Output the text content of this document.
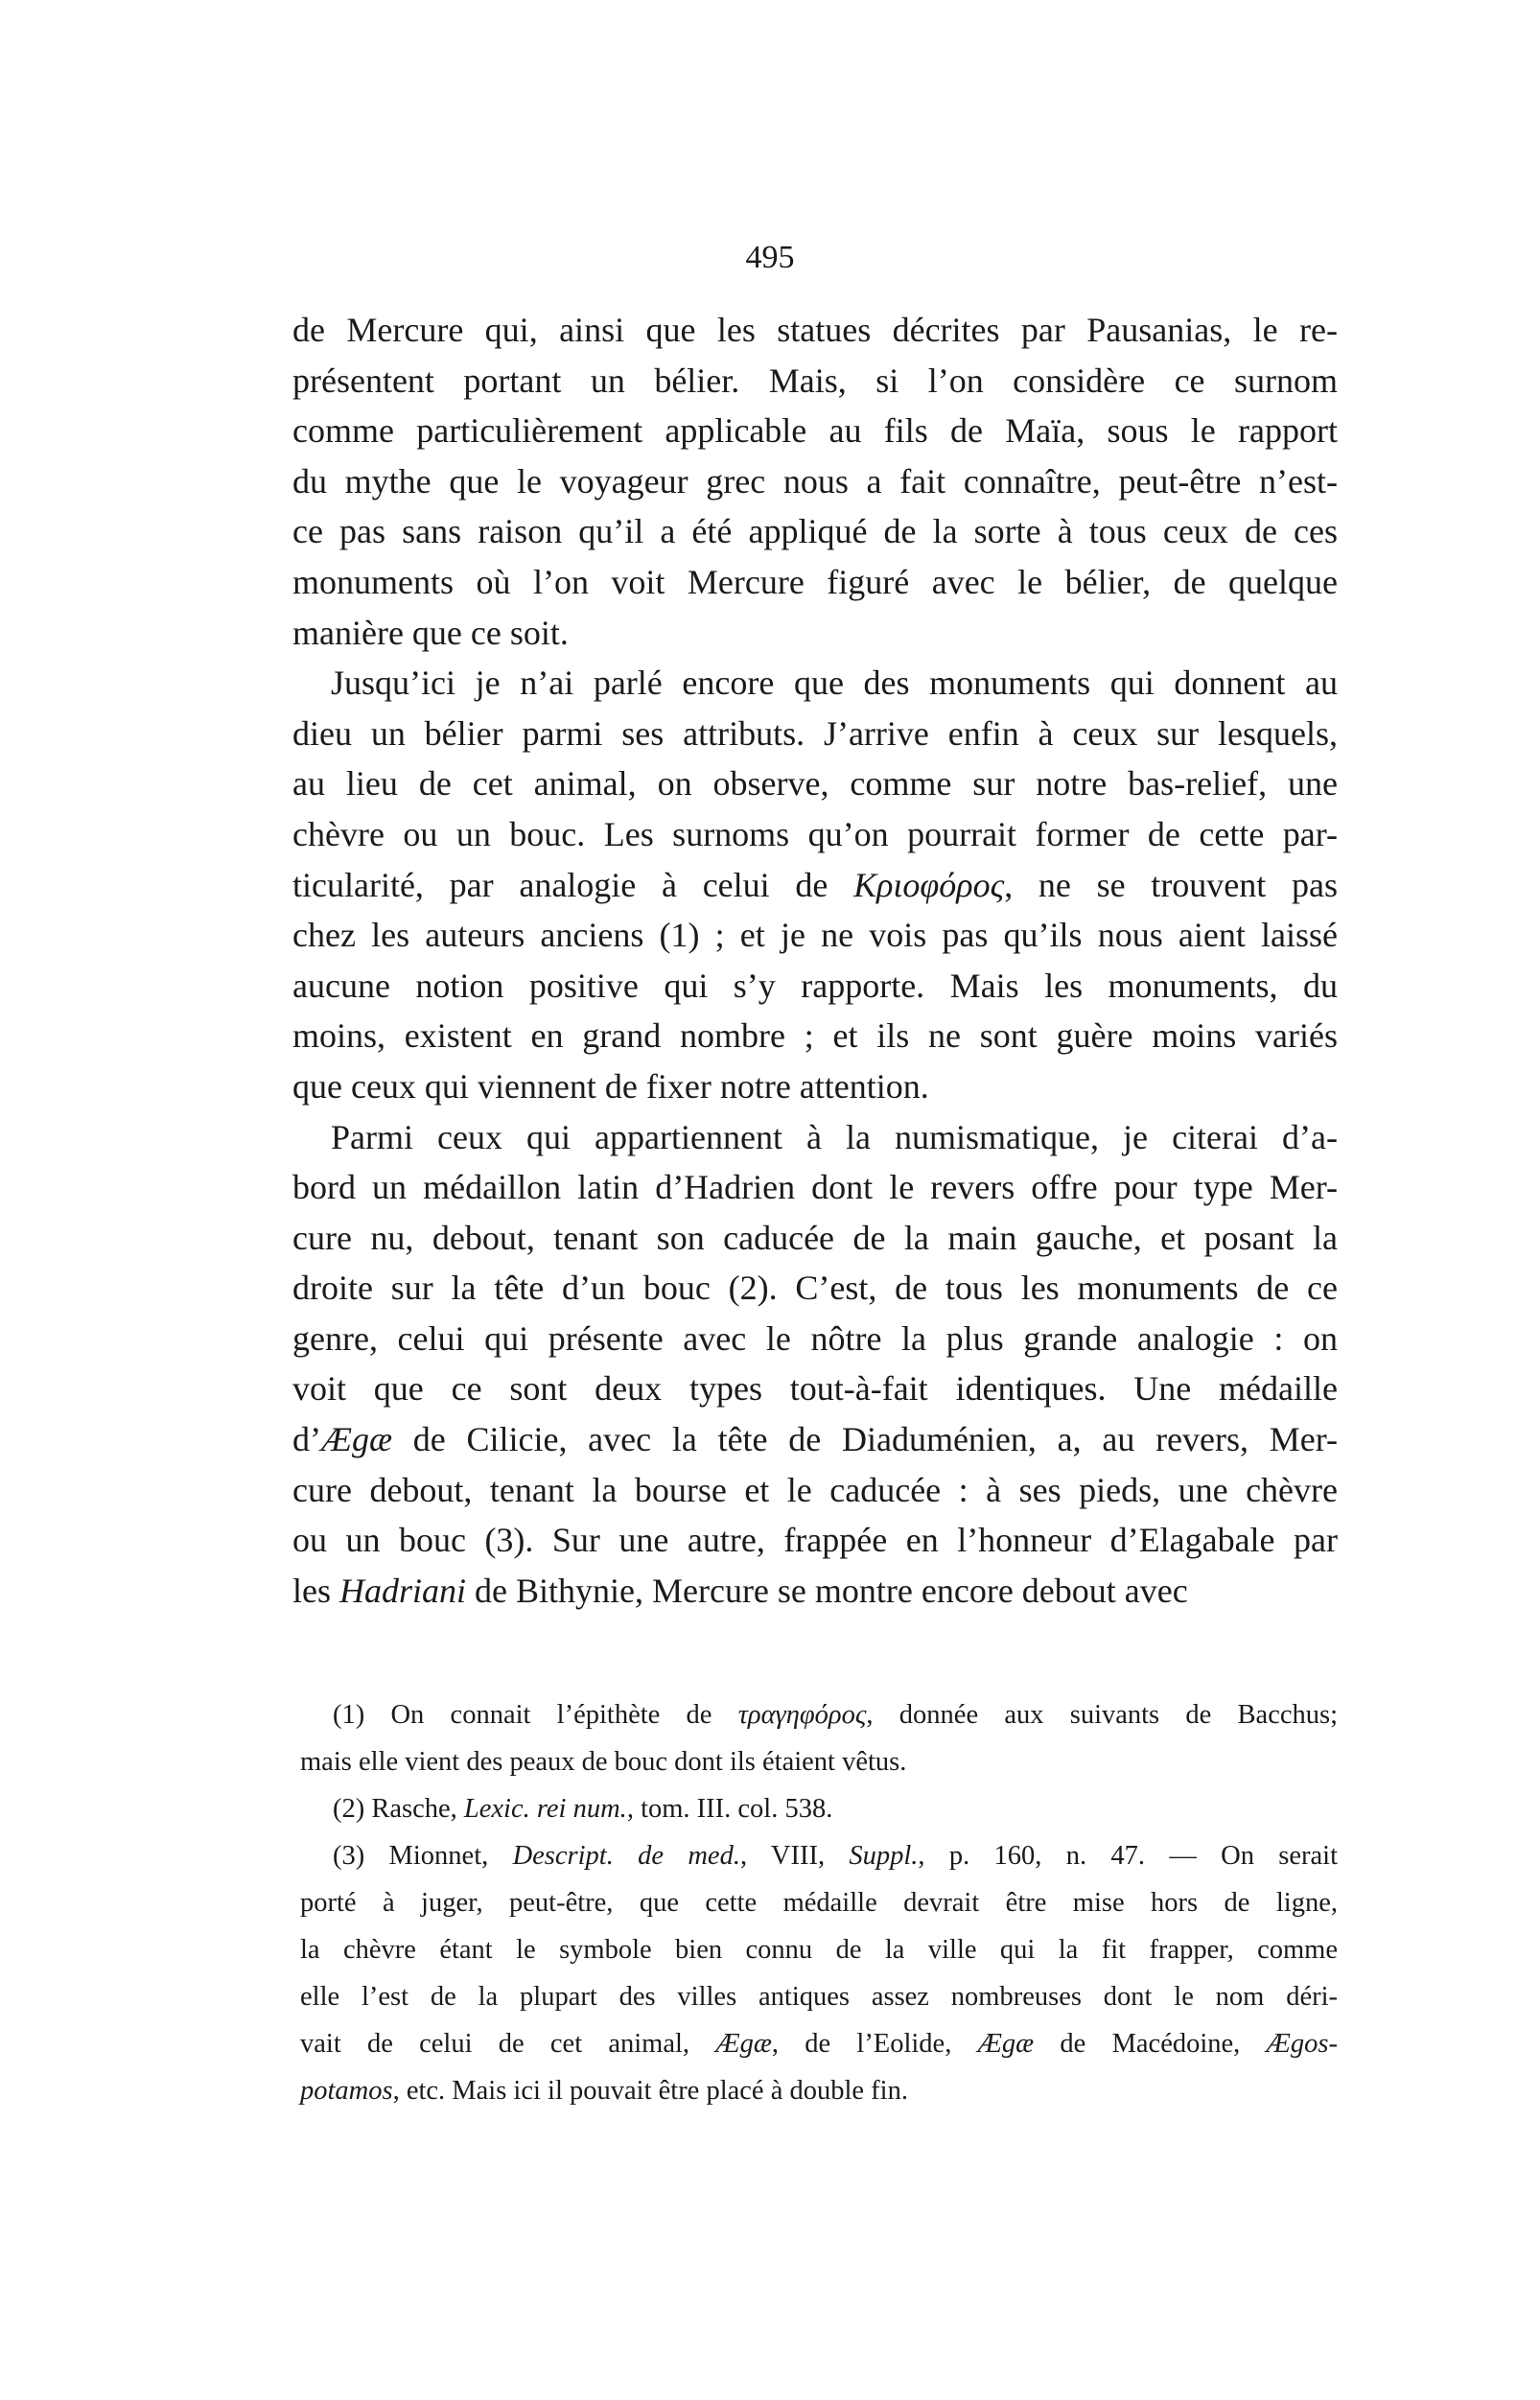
495
de Mercure qui, ainsi que les statues décrites par Pausanias, le re-
présentent portant un bélier. Mais, si l’on considère ce surnom
comme particulièrement applicable au fils de Maïa, sous le rapport
du mythe que le voyageur grec nous a fait connaître, peut-être n’est-
ce pas sans raison qu’il a été appliqué de la sorte à tous ceux de ces
monuments où l’on voit Mercure figuré avec le bélier, de quelque
manière que ce soit.
Jusqu’ici je n’ai parlé encore que des monuments qui donnent au
dieu un bélier parmi ses attributs. J’arrive enfin à ceux sur lesquels,
au lieu de cet animal, on observe, comme sur notre bas-relief, une
chèvre ou un bouc. Les surnoms qu’on pourrait former de cette par-
ticularité, par analogie à celui de Κριοφόρος, ne se trouvent pas
chez les auteurs anciens (1) ; et je ne vois pas qu’ils nous aient laissé
aucune notion positive qui s’y rapporte. Mais les monuments, du
moins, existent en grand nombre ; et ils ne sont guère moins variés
que ceux qui viennent de fixer notre attention.
Parmi ceux qui appartiennent à la numismatique, je citerai d’a-
bord un médaillon latin d’Hadrien dont le revers offre pour type Mer-
cure nu, debout, tenant son caducée de la main gauche, et posant la
droite sur la tête d’un bouc (2). C’est, de tous les monuments de ce
genre, celui qui présente avec le nôtre la plus grande analogie : on
voit que ce sont deux types tout-à-fait identiques. Une médaille
d’Ægæ de Cilicie, avec la tête de Diaduménien, a, au revers, Mer-
cure debout, tenant la bourse et le caducée : à ses pieds, une chèvre
ou un bouc (3). Sur une autre, frappée en l’honneur d’Elagabale par
les Hadriani de Bithynie, Mercure se montre encore debout avec
(1) On connait l’épithète de τραγηφόρος, donnée aux suivants de Bacchus;
mais elle vient des peaux de bouc dont ils étaient vêtus.
(2) Rasche, Lexic. rei num., tom. III. col. 538.
(3) Mionnet, Descript. de med., VIII, Suppl., p. 160, n. 47. — On serait
porté à juger, peut-être, que cette médaille devrait être mise hors de ligne,
la chèvre étant le symbole bien connu de la ville qui la fit frapper, comme
elle l’est de la plupart des villes antiques assez nombreuses dont le nom déri-
vait de celui de cet animal, Ægæ, de l’Eolide, Ægæ de Macédoine, Ægos-
potamos, etc. Mais ici il pouvait être placé à double fin.
